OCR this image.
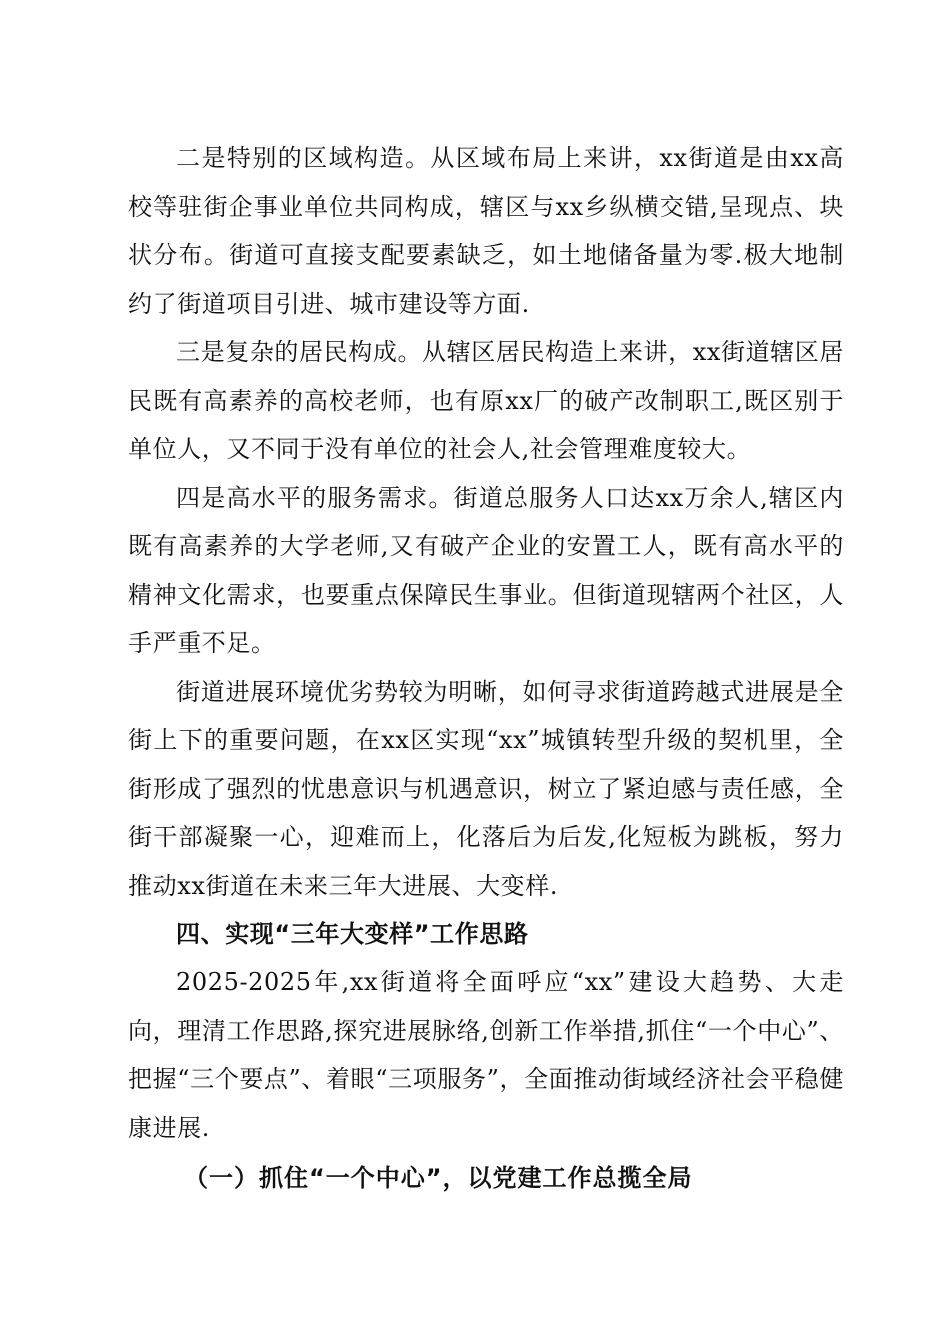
二是特别的区域构造。从区域布局上来讲，xx街道是由xx高校等驻街企事业单位共同构成，辖区与xx乡纵横交错,呈现点、块状分布。街道可直接支配要素缺乏，如土地储备量为零.极大地制约了街道项目引进、城市建设等方面.

三是复杂的居民构成。从辖区居民构造上来讲，xx街道辖区居民既有高素养的高校老师，也有原xx厂的破产改制职工,既区别于单位人，又不同于没有单位的社会人,社会管理难度较大。

四是高水平的服务需求。街道总服务人口达xx万余人,辖区内既有高素养的大学老师,又有破产企业的安置工人，既有高水平的精神文化需求，也要重点保障民生事业。但街道现辖两个社区，人手严重不足。

街道进展环境优劣势较为明晰，如何寻求街道跨越式进展是全街上下的重要问题，在xx区实现“xx”城镇转型升级的契机里，全街形成了强烈的忧患意识与机遇意识，树立了紧迫感与责任感，全街干部凝聚一心，迎难而上，化落后为后发,化短板为跳板，努力推动xx街道在未来三年大进展、大变样.

四、实现“三年大变样”工作思路

2025-2025年,xx街道将全面呼应“xx”建设大趋势、大走向，理清工作思路,探究进展脉络,创新工作举措,抓住“一个中心”、把握“三个要点”、着眼“三项服务”，全面推动街域经济社会平稳健康进展.

（一）抓住“一个中心”，以党建工作总揽全局
